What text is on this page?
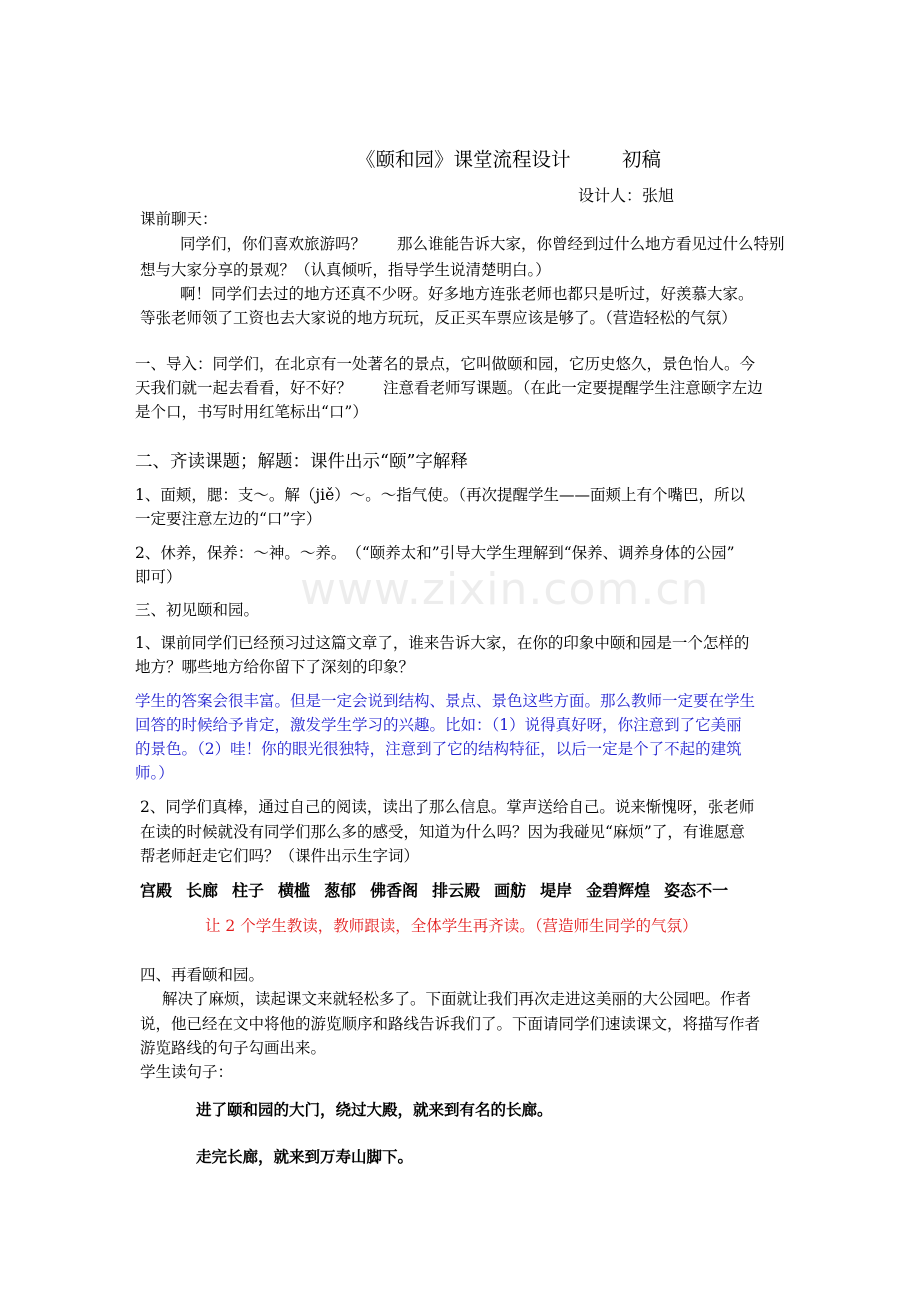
www.zixin.com.cn
《颐和园》课堂流程设计	初稿
设计人：张旭
课前聊天：
同学们，你们喜欢旅游吗？　　那么谁能告诉大家，你曾经到过什么地方看见过什么特别
想与大家分享的景观？（认真倾听，指导学生说清楚明白。）
啊！同学们去过的地方还真不少呀。好多地方连张老师也都只是听过，好羡慕大家。
等张老师领了工资也去大家说的地方玩玩，反正买车票应该是够了。（营造轻松的气氛）
一、导入：同学们，在北京有一处著名的景点，它叫做颐和园，它历史悠久，景色怡人。今
天我们就一起去看看，好不好？　　注意看老师写课题。（在此一定要提醒学生注意颐字左边
是个口，书写时用红笔标出“口”）
二、齐读课题；解题：课件出示“颐”字解释
1、面颊，腮：支～。解（jiě）～。～指气使。（再次提醒学生——面颊上有个嘴巴，所以
一定要注意左边的“口”字）
2、休养，保养：～神。～养。　（“颐养太和”引导大学生理解到“保养、调养身体的公园”
即可）
三、初见颐和园。
1、课前同学们已经预习过这篇文章了，谁来告诉大家，在你的印象中颐和园是一个怎样的
地方？哪些地方给你留下了深刻的印象？
学生的答案会很丰富。但是一定会说到结构、景点、景色这些方面。那么教师一定要在学生
回答的时候给予肯定，激发学生学习的兴趣。比如：（1）说得真好呀，你注意到了它美丽
的景色。（2）哇！你的眼光很独特，注意到了它的结构特征，以后一定是个了不起的建筑
师。）
2、同学们真棒，通过自己的阅读，读出了那么信息。掌声送给自己。说来惭愧呀，张老师
在读的时候就没有同学们那么多的感受，知道为什么吗？因为我碰见“麻烦”了，有谁愿意
帮老师赶走它们吗？（课件出示生字词）
宫殿 长廊 柱子 横槛 葱郁 佛香阁 排云殿 画舫 堤岸 金碧辉煌 姿态不一
让 2 个学生教读，教师跟读，全体学生再齐读。（营造师生同学的气氛）
四、再看颐和园。
解决了麻烦，读起课文来就轻松多了。下面就让我们再次走进这美丽的大公园吧。作者
说，他已经在文中将他的游览顺序和路线告诉我们了。下面请同学们速读课文，将描写作者
游览路线的句子勾画出来。
学生读句子：
进了颐和园的大门，绕过大殿，就来到有名的长廊。
走完长廊，就来到万寿山脚下。
